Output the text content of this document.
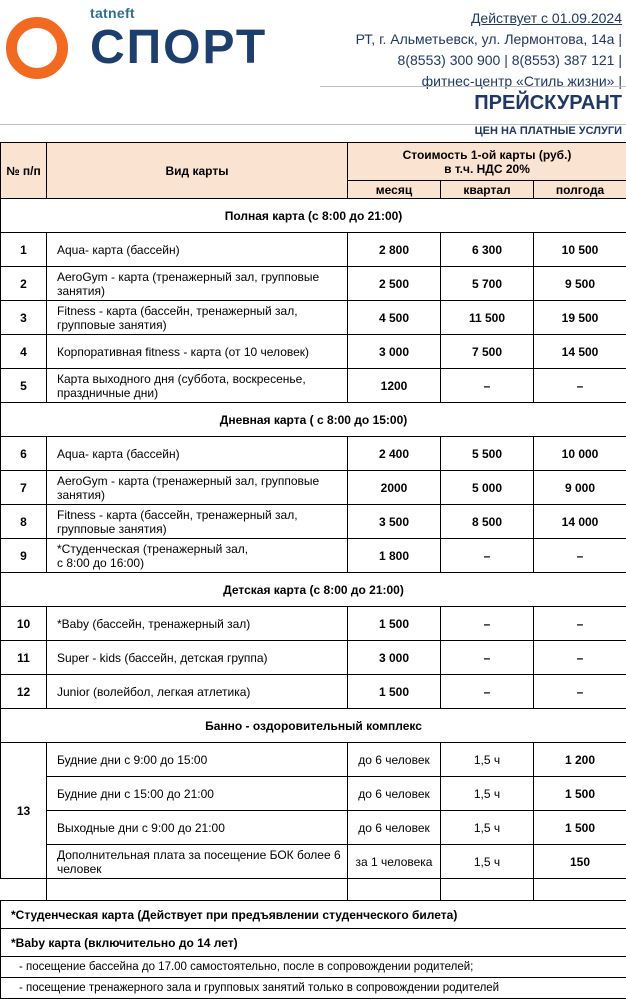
tatneft
СПОРТ
Действует с 01.09.2024
РТ, г. Альметьевск, ул. Лермонтова, 14а |
8(8553) 300 900 | 8(8553) 387 121 |
фитнес-центр «Стиль жизни» |
ПРЕЙСКУРАНТ
ЦЕН НА ПЛАТНЫЕ УСЛУГИ
№ п/п	Вид карты	Стоимость 1-ой карты (руб.)
в т.ч. НДС 20%		

		месяц	квартал	полгода
Полная карта (с 8:00 до 21:00)				
1	Aqua- карта (бассейн)	2 800	6 300	10 500
2	AeroGym - карта (тренажерный зал, групповые занятия)	2 500	5 700	9 500
3	Fitness - карта (бассейн, тренажерный зал, групповые занятия)	4 500	11 500	19 500
4	Корпоративная fitness - карта (от 10 человек)	3 000	7 500	14 500
5	Карта выходного дня (суббота, воскресенье, праздничные дни)	1200	–	–
Дневная карта ( с 8:00 до 15:00)				
6	Aqua- карта (бассейн)	2 400	5 500	10 000
7	AeroGym - карта (тренажерный зал, групповые занятия)	2000	5 000	9 000
8	Fitness - карта (бассейн, тренажерный зал, групповые занятия)	3 500	8 500	14 000
9	*Студенческая (тренажерный зал,
с 8:00 до 16:00)	1 800	–	–
Детская карта (с 8:00 до 21:00)				
10	*Baby (бассейн, тренажерный зал)	1 500	–	–
11	Super - kids (бассейн, детская группа)	3 000	–	–
12	Junior (волейбол, легкая атлетика)	1 500	–	–
Банно - оздоровительный комплекс				
13	Будние дни с 9:00 до 15:00	до 6 человек	1,5 ч	1 200
	Будние дни с 15:00 до 21:00	до 6 человек	1,5 ч	1 500
	Выходные дни с 9:00 до 21:00	до 6 человек	1,5 ч	1 500
	Дополнительная плата за посещение БОК более 6 человек	за 1 человека	1,5 ч	150

*Студенческая карта (Действует при предъявлении студенческого билета)				
*Baby карта (включительно до 14 лет)				
- посещение бассейна до 17.00 самостоятельно, после в сопровождении родителей;				
- посещение тренажерного зала и групповых занятий только в сопровождении родителей				
